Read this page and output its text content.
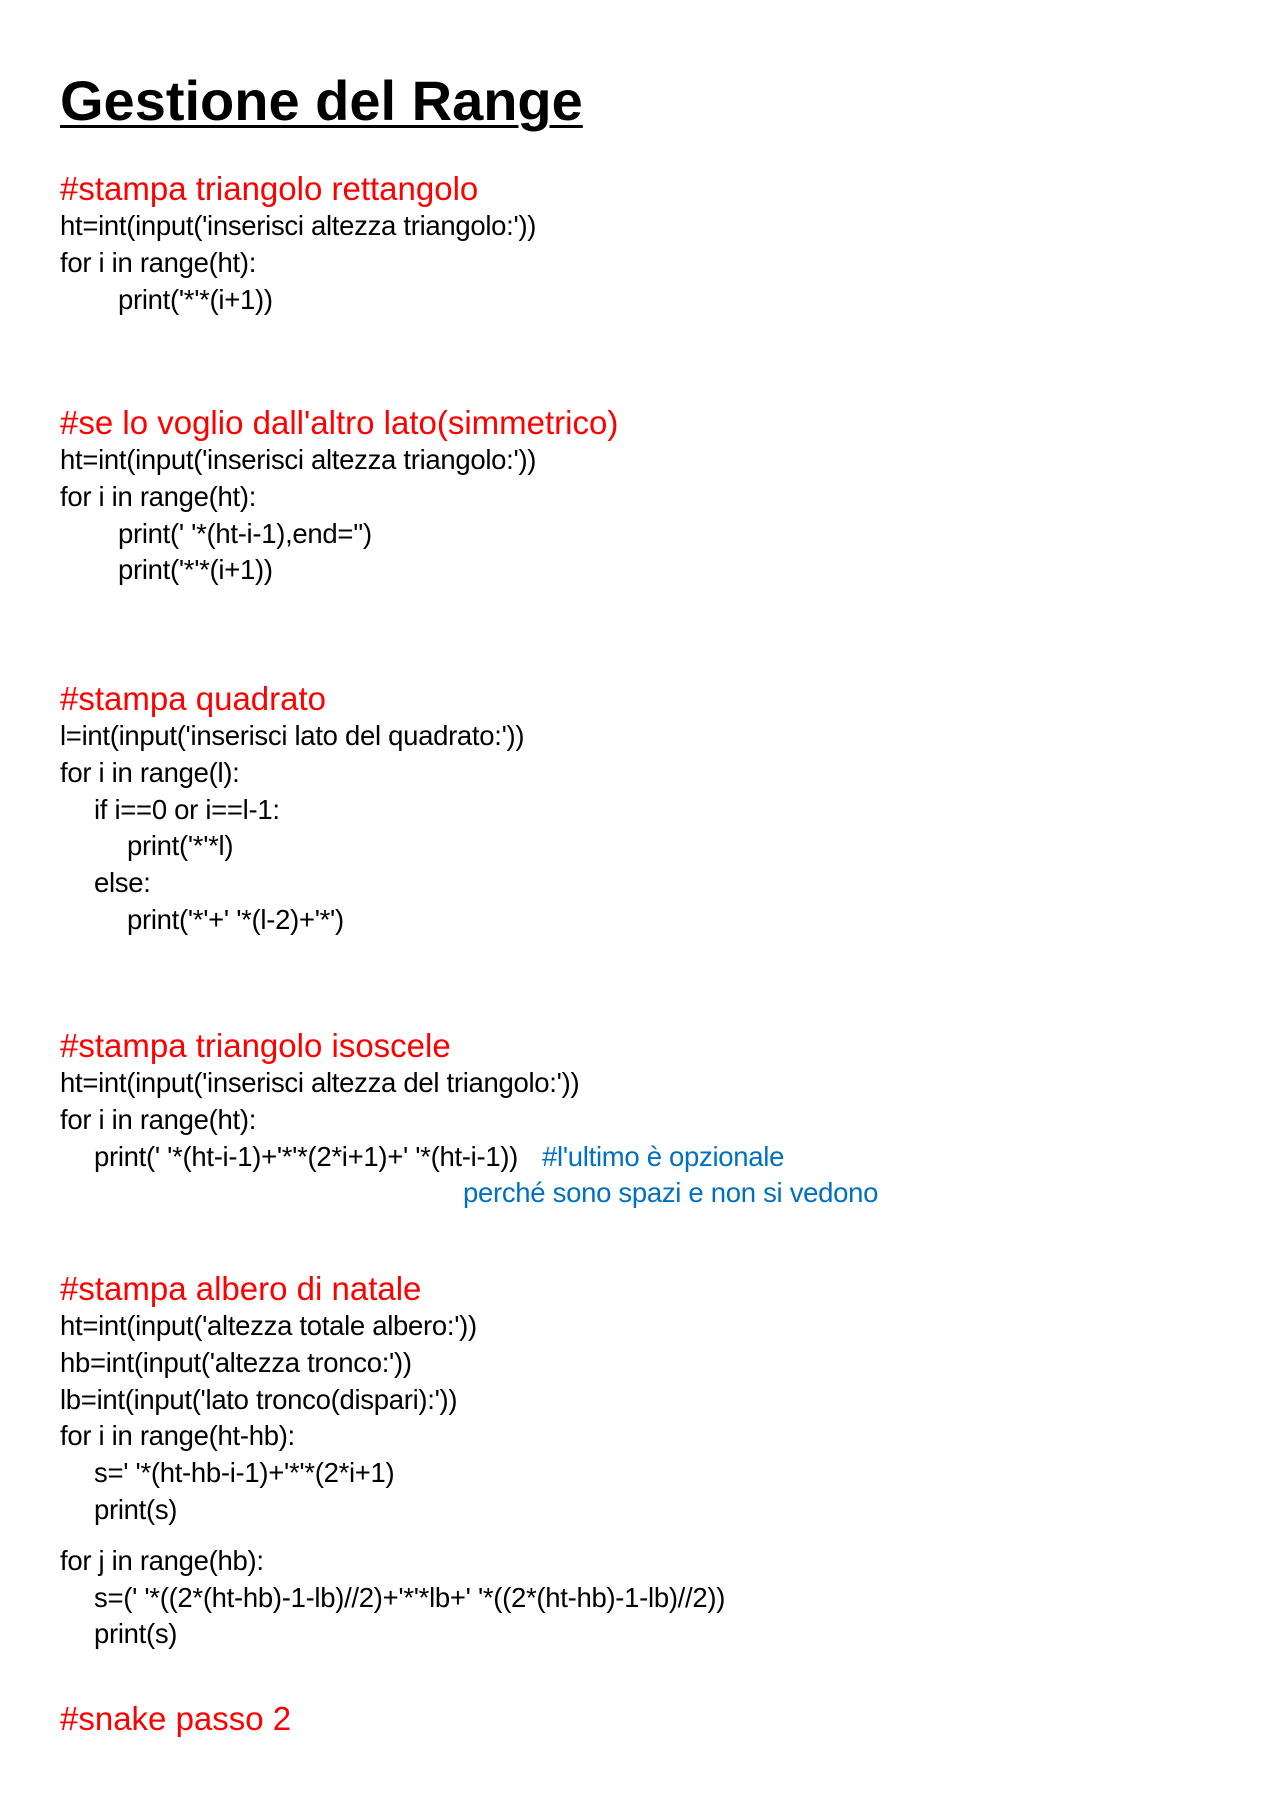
Gestione del Range
#stampa triangolo rettangolo
ht=int(input('inserisci altezza triangolo:'))
for i in range(ht):
print('*'*(i+1))
#se lo voglio dall'altro lato(simmetrico)
ht=int(input('inserisci altezza triangolo:'))
for i in range(ht):
print(' '*(ht-i-1),end='')
print('*'*(i+1))
#stampa quadrato
l=int(input('inserisci lato del quadrato:'))
for i in range(l):
if i==0 or i==l-1:
print('*'*l)
else:
print('*'+' '*(l-2)+'*')
#stampa triangolo isoscele
ht=int(input('inserisci altezza del triangolo:'))
for i in range(ht):
print(' '*(ht-i-1)+'*'*(2*i+1)+' '*(ht-i-1)) #l'ultimo è opzionale
perché sono spazi e non si vedono
#stampa albero di natale
ht=int(input('altezza totale albero:'))
hb=int(input('altezza tronco:'))
lb=int(input('lato tronco(dispari):'))
for i in range(ht-hb):
s=' '*(ht-hb-i-1)+'*'*(2*i+1)
print(s)
for j in range(hb):
s=(' '*((2*(ht-hb)-1-lb)//2)+'*'*lb+' '*((2*(ht-hb)-1-lb)//2))
print(s)
#snake passo 2
